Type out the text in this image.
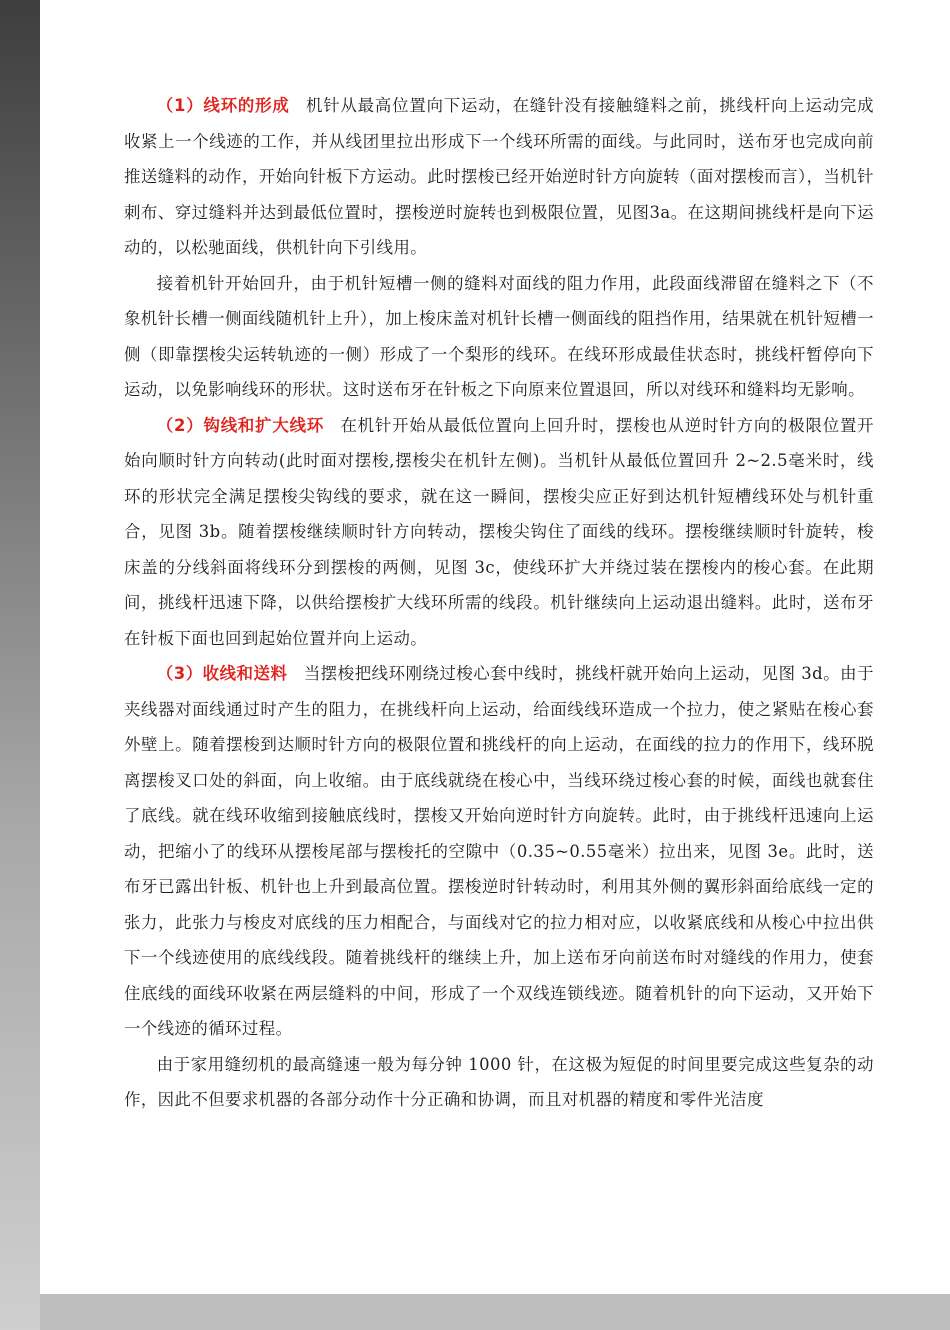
（1）线环的形成 机针从最高位置向下运动，在缝针没有接触缝料之前，挑线杆向上运动完成收紧上一个线迹的工作，并从线团里拉出形成下一个线环所需的面线。与此同时，送布牙也完成向前推送缝料的动作，开始向针板下方运动。此时摆梭已经开始逆时针方向旋转（面对摆梭而言），当机针刺布、穿过缝料并达到最低位置时，摆梭逆时旋转也到极限位置，见图3a。在这期间挑线杆是向下运动的，以松驰面线，供机针向下引线用。

接着机针开始回升，由于机针短槽一侧的缝料对面线的阻力作用，此段面线滞留在缝料之下（不象机针长槽一侧面线随机针上升），加上梭床盖对机针长槽一侧面线的阻挡作用，结果就在机针短槽一侧（即靠摆梭尖运转轨迹的一侧）形成了一个梨形的线环。在线环形成最佳状态时，挑线杆暂停向下运动，以免影响线环的形状。这时送布牙在针板之下向原来位置退回，所以对线环和缝料均无影响。

（2）钩线和扩大线环 在机针开始从最低位置向上回升时，摆梭也从逆时针方向的极限位置开始向顺时针方向转动(此时面对摆梭,摆梭尖在机针左侧)。当机针从最低位置回升 2~2.5毫米时，线环的形状完全满足摆梭尖钩线的要求，就在这一瞬间，摆梭尖应正好到达机针短槽线环处与机针重合，见图 3b。随着摆梭继续顺时针方向转动，摆梭尖钩住了面线的线环。摆梭继续顺时针旋转，梭床盖的分线斜面将线环分到摆梭的两侧，见图 3c，使线环扩大并绕过装在摆梭内的梭心套。在此期间，挑线杆迅速下降，以供给摆梭扩大线环所需的线段。机针继续向上运动退出缝料。此时，送布牙在针板下面也回到起始位置并向上运动。

（3）收线和送料 当摆梭把线环刚绕过梭心套中线时，挑线杆就开始向上运动，见图 3d。由于夹线器对面线通过时产生的阻力，在挑线杆向上运动，给面线线环造成一个拉力，使之紧贴在梭心套外壁上。随着摆梭到达顺时针方向的极限位置和挑线杆的向上运动，在面线的拉力的作用下，线环脱离摆梭叉口处的斜面，向上收缩。由于底线就绕在梭心中，当线环绕过梭心套的时候，面线也就套住了底线。就在线环收缩到接触底线时，摆梭又开始向逆时针方向旋转。此时，由于挑线杆迅速向上运动，把缩小了的线环从摆梭尾部与摆梭托的空隙中（0.35~0.55毫米）拉出来，见图 3e。此时，送布牙已露出针板、机针也上升到最高位置。摆梭逆时针转动时，利用其外侧的翼形斜面给底线一定的张力，此张力与梭皮对底线的压力相配合，与面线对它的拉力相对应，以收紧底线和从梭心中拉出供下一个线迹使用的底线线段。随着挑线杆的继续上升，加上送布牙向前送布时对缝线的作用力，使套住底线的面线环收紧在两层缝料的中间，形成了一个双线连锁线迹。随着机针的向下运动，又开始下一个线迹的循环过程。

由于家用缝纫机的最高缝速一般为每分钟 1000 针，在这极为短促的时间里要完成这些复杂的动作，因此不但要求机器的各部分动作十分正确和协调，而且对机器的精度和零件光洁度
